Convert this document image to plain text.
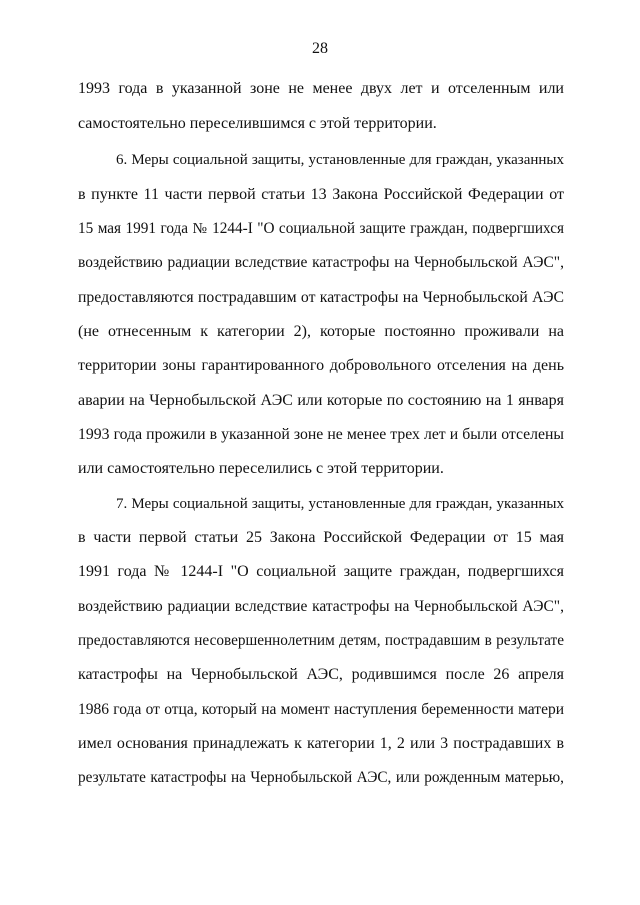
28
1993 года в указанной зоне не менее двух лет и отселенным или
самостоятельно переселившимся с этой территории.
6. Меры социальной защиты, установленные для граждан, указанных
в пункте 11 части первой статьи 13 Закона Российской Федерации от
15 мая 1991 года № 1244-I "О социальной защите граждан, подвергшихся
воздействию радиации вследствие катастрофы на Чернобыльской АЭС",
предоставляются пострадавшим от катастрофы на Чернобыльской АЭС
(не отнесенным к категории 2), которые постоянно проживали на
территории зоны гарантированного добровольного отселения на день
аварии на Чернобыльской АЭС или которые по состоянию на 1 января
1993 года прожили в указанной зоне не менее трех лет и были отселены
или самостоятельно переселились с этой территории.
7. Меры социальной защиты, установленные для граждан, указанных
в части первой статьи 25 Закона Российской Федерации от 15 мая
1991 года № 1244-I "О социальной защите граждан, подвергшихся
воздействию радиации вследствие катастрофы на Чернобыльской АЭС",
предоставляются несовершеннолетним детям, пострадавшим в результате
катастрофы на Чернобыльской АЭС, родившимся после 26 апреля
1986 года от отца, который на момент наступления беременности матери
имел основания принадлежать к категории 1, 2 или 3 пострадавших в
результате катастрофы на Чернобыльской АЭС, или рожденным матерью,
